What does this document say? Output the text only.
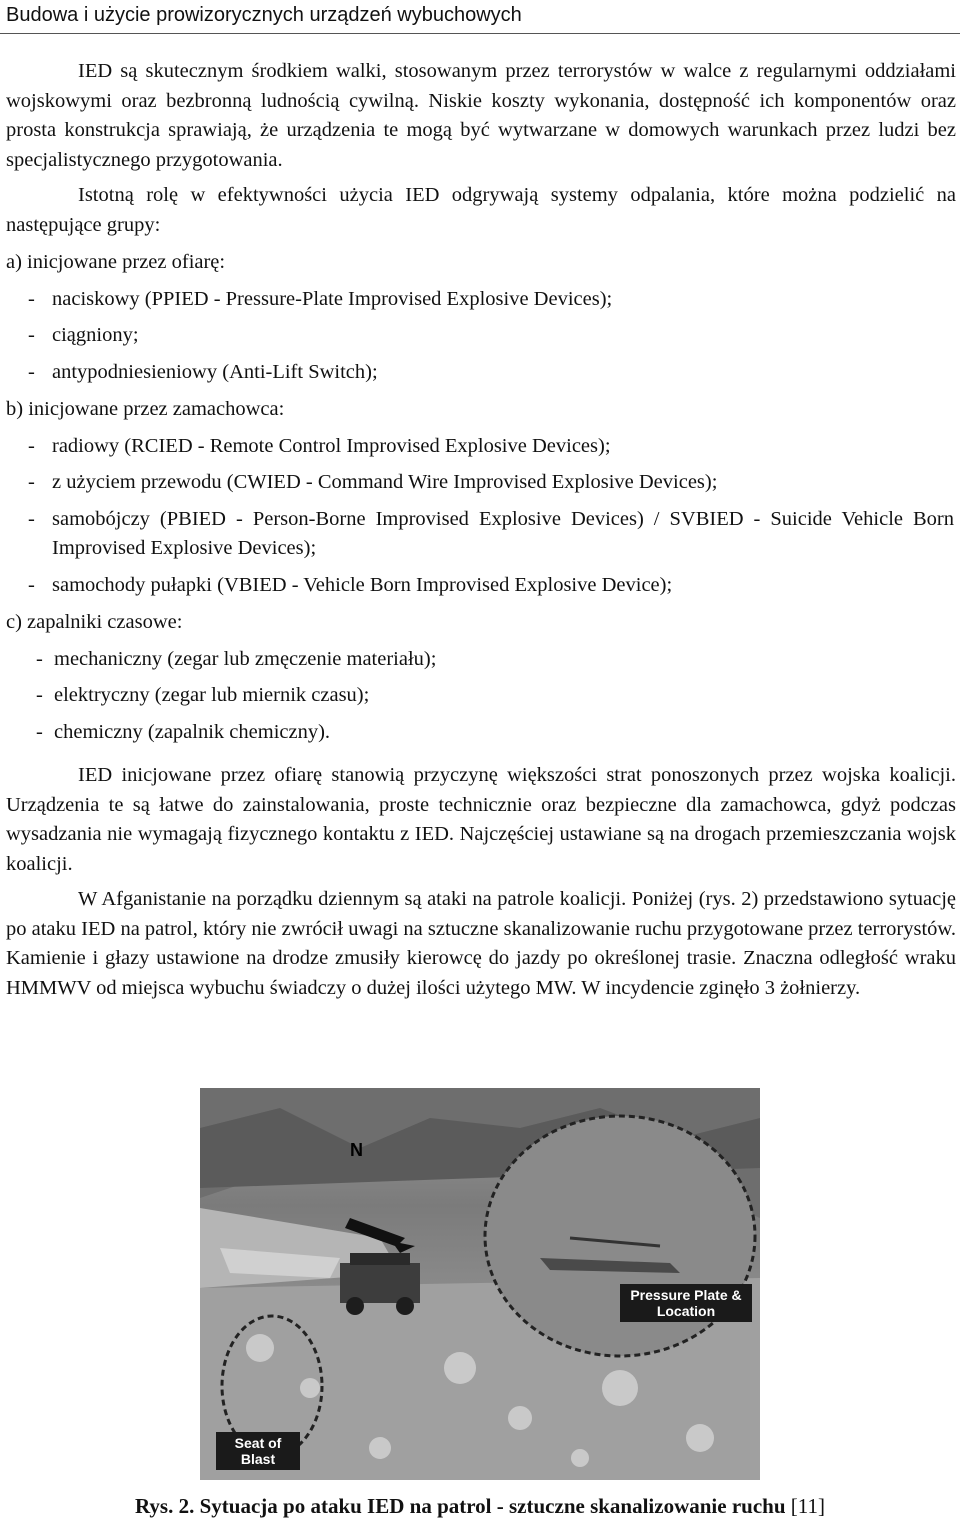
Budowa i użycie prowizorycznych urządzeń wybuchowych

IED są skutecznym środkiem walki, stosowanym przez terrorystów w walce z regularnymi oddziałami wojskowymi oraz bezbronną ludnością cywilną. Niskie koszty wykonania, dostępność ich komponentów oraz prosta konstrukcja sprawiają, że urządzenia te mogą być wytwarzane w domowych warunkach przez ludzi bez specjalistycznego przygotowania.

Istotną rolę w efektywności użycia IED odgrywają systemy odpalania, które można podzielić na następujące grupy:

a) inicjowane przez ofiarę:
- naciskowy (PPIED - Pressure-Plate Improvised Explosive Devices);
- ciągniony;
- antypodniesieniowy (Anti-Lift Switch);
b) inicjowane przez zamachowca:
- radiowy (RCIED - Remote Control Improvised Explosive Devices);
- z użyciem przewodu (CWIED - Command Wire Improvised Explosive Devices);
- samobójczy (PBIED - Person-Borne Improvised Explosive Devices) / SVBIED - Suicide Vehicle Born Improvised Explosive Devices);
- samochody pułapki (VBIED - Vehicle Born Improvised Explosive Device);
c) zapalniki czasowe:
- mechaniczny (zegar lub zmęczenie materiału);
- elektryczny (zegar lub miernik czasu);
- chemiczny (zapalnik chemiczny).

IED inicjowane przez ofiarę stanowią przyczynę większości strat ponoszonych przez wojska koalicji. Urządzenia te są łatwe do zainstalowania, proste technicznie oraz bezpieczne dla zamachowca, gdyż podczas wysadzania nie wymagają fizycznego kontaktu z IED. Najczęściej ustawiane są na drogach przemieszczania wojsk koalicji.

W Afganistanie na porządku dziennym są ataki na patrole koalicji. Poniżej (rys. 2) przedstawiono sytuację po ataku IED na patrol, który nie zwrócił uwagi na sztuczne skanalizowanie ruchu przygotowane przez terrorystów. Kamienie i głazy ustawione na drodze zmusiły kierowcę do jazdy po określonej trasie. Znaczna odległość wraku HMMWV od miejsca wybuchu świadczy o dużej ilości użytego MW. W incydencie zginęło 3 żołnierzy.

N
Pressure Plate & Location
Seat of Blast
Rys. 2. Sytuacja po ataku IED na patrol - sztuczne skanalizowanie ruchu [11]
